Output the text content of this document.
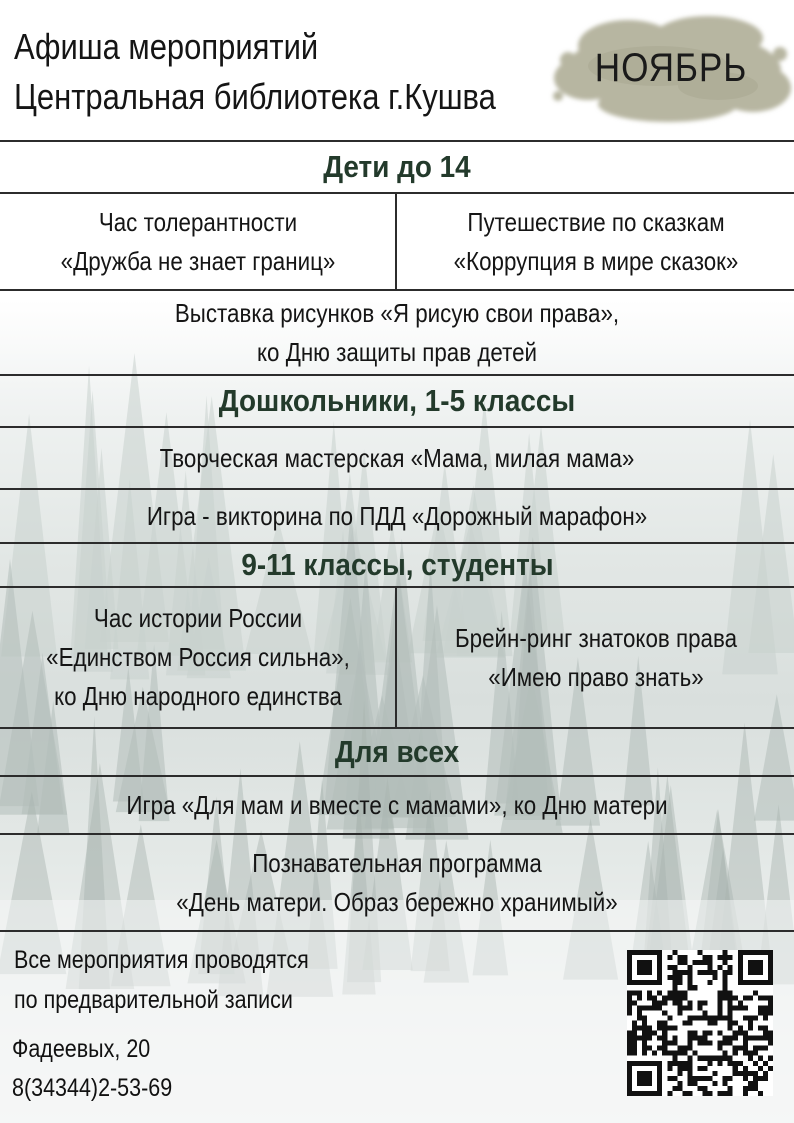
Афиша мероприятий
Центральная библиотека г.Кушва
НОЯБРЬ
Дети до 14
Час толерантности
«Дружба не знает границ»
Путешествие по сказкам
«Коррупция в мире сказок»
Выставка рисунков «Я рисую свои права»,
ко Дню защиты прав детей
Дошкольники, 1-5 классы
Творческая мастерская «Мама, милая мама»
Игра - викторина по ПДД «Дорожный марафон»
9-11 классы, студенты
Час истории России
«Единством Россия сильна»,
ко Дню народного единства
Брейн-ринг знатоков права
«Имею право знать»
Для всех
Игра «Для мам и вместе с мамами», ко Дню матери
Познавательная программа
«День матери. Образ бережно хранимый»
Все мероприятия проводятся
по предварительной записи
Фадеевых, 20
8(34344)2-53-69
